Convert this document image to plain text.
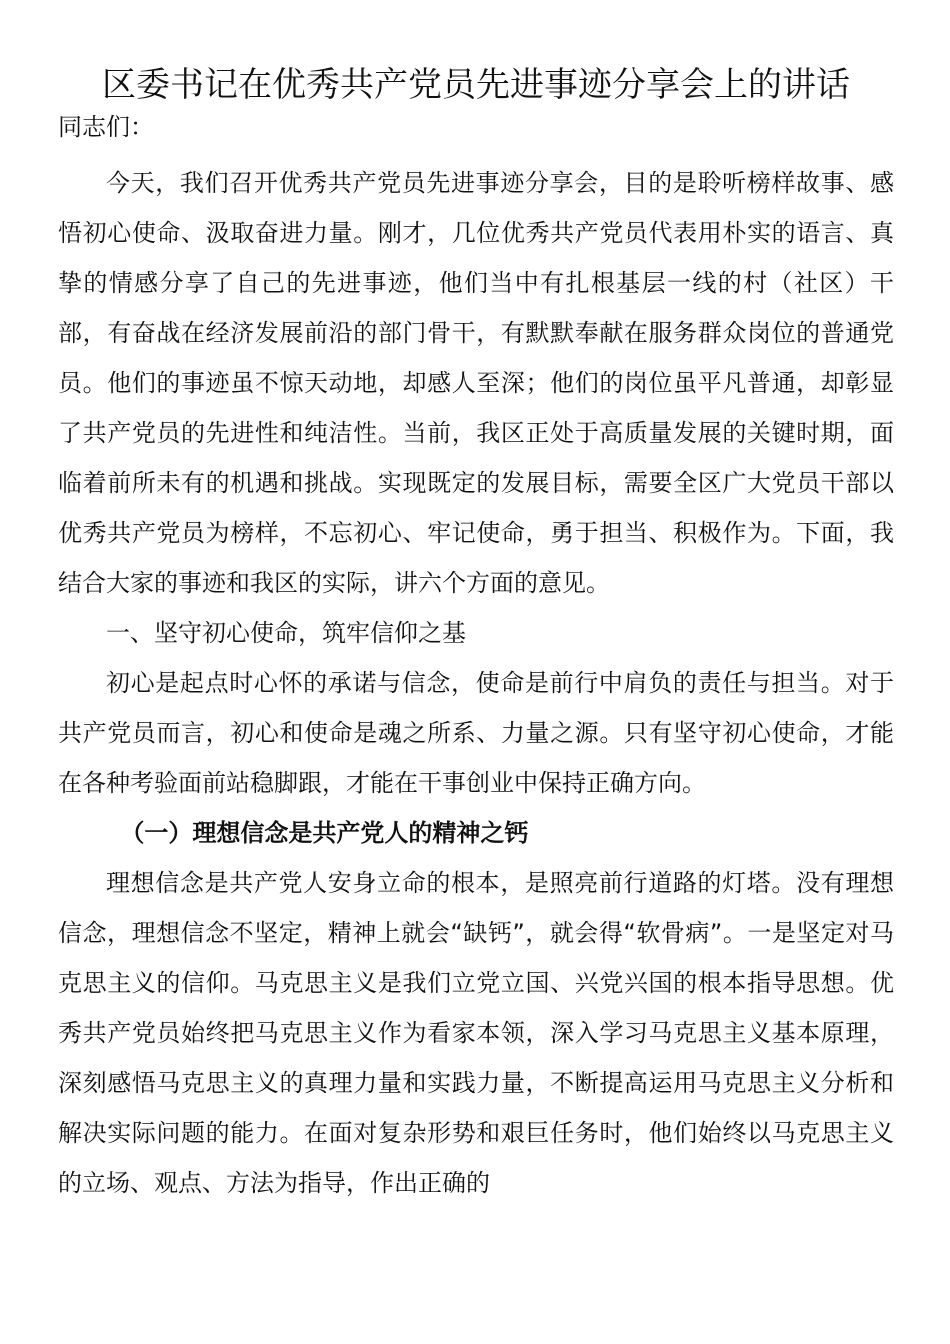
区委书记在优秀共产党员先进事迹分享会上的讲话

同志们：

今天，我们召开优秀共产党员先进事迹分享会，目的是聆听榜样故事、感悟初心使命、汲取奋进力量。刚才，几位优秀共产党员代表用朴实的语言、真挚的情感分享了自己的先进事迹，他们当中有扎根基层一线的村（社区）干部，有奋战在经济发展前沿的部门骨干，有默默奉献在服务群众岗位的普通党员。他们的事迹虽不惊天动地，却感人至深；他们的岗位虽平凡普通，却彰显了共产党员的先进性和纯洁性。当前，我区正处于高质量发展的关键时期，面临着前所未有的机遇和挑战。实现既定的发展目标，需要全区广大党员干部以优秀共产党员为榜样，不忘初心、牢记使命，勇于担当、积极作为。下面，我结合大家的事迹和我区的实际，讲六个方面的意见。

一、坚守初心使命，筑牢信仰之基

初心是起点时心怀的承诺与信念，使命是前行中肩负的责任与担当。对于共产党员而言，初心和使命是魂之所系、力量之源。只有坚守初心使命，才能在各种考验面前站稳脚跟，才能在干事创业中保持正确方向。

（一）理想信念是共产党人的精神之钙

理想信念是共产党人安身立命的根本，是照亮前行道路的灯塔。没有理想信念，理想信念不坚定，精神上就会“缺钙”，就会得“软骨病”。一是坚定对马克思主义的信仰。马克思主义是我们立党立国、兴党兴国的根本指导思想。优秀共产党员始终把马克思主义作为看家本领，深入学习马克思主义基本原理，深刻感悟马克思主义的真理力量和实践力量，不断提高运用马克思主义分析和解决实际问题的能力。在面对复杂形势和艰巨任务时，他们始终以马克思主义的立场、观点、方法为指导，作出正确的
